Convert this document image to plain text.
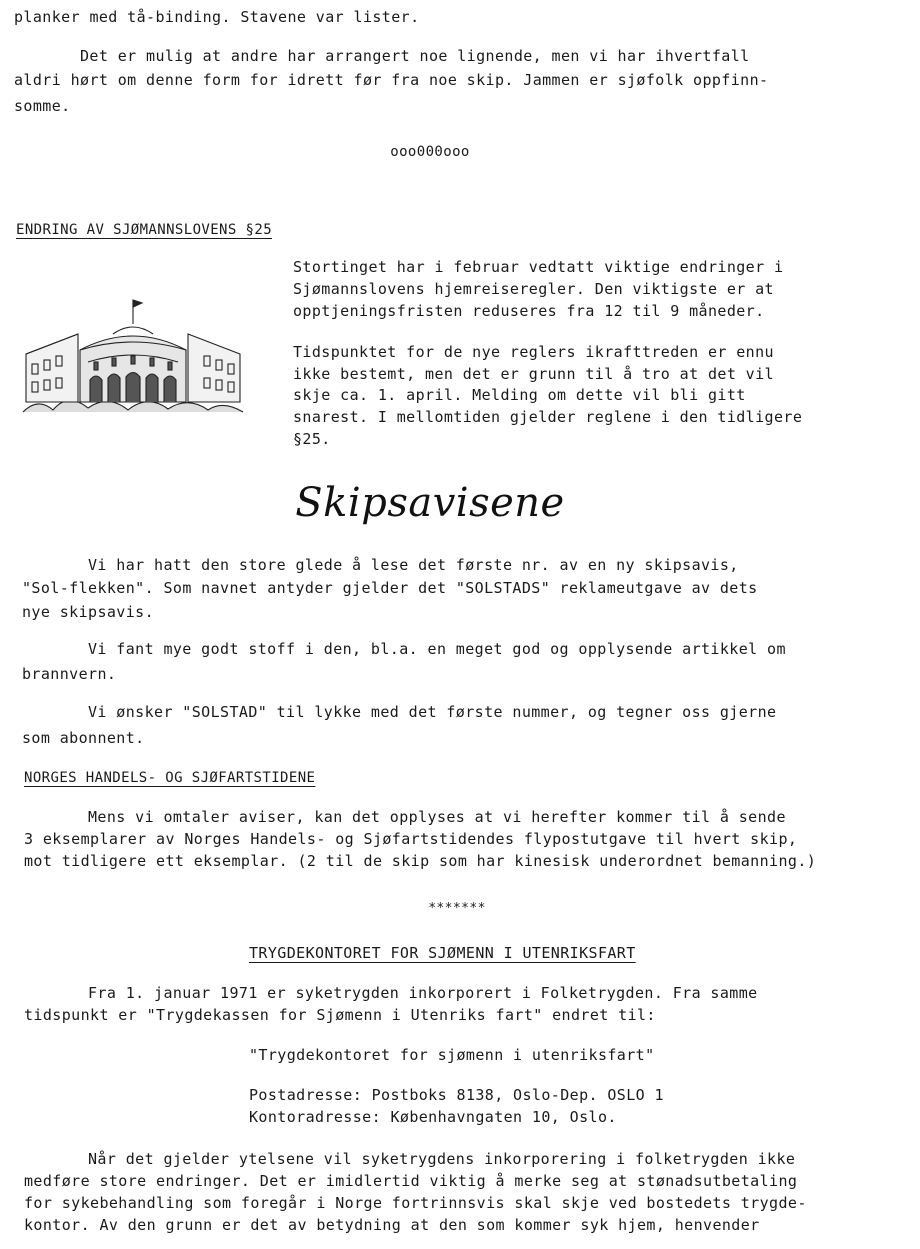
planker med tå-binding. Stavene var lister.
Det er mulig at andre har arrangert noe lignende, men vi har ihvertfall
aldri hørt om denne form for idrett før fra noe skip. Jammen er sjøfolk oppfinn-
somme.
ooo000ooo
ENDRING AV SJØMANNSLOVENS §25
Stortinget har i februar vedtatt viktige endringer i
Sjømannslovens hjemreiseregler. Den viktigste er at
opptjeningsfristen reduseres fra 12 til 9 måneder.
Tidspunktet for de nye reglers ikrafttreden er ennu
ikke bestemt, men det er grunn til å tro at det vil
skje ca. 1. april. Melding om dette vil bli gitt
snarest. I mellomtiden gjelder reglene i den tidligere
§25.
Skipsavisene
Vi har hatt den store glede å lese det første nr. av en ny skipsavis,
"Sol-flekken". Som navnet antyder gjelder det "SOLSTADS" reklameutgave av dets
nye skipsavis.
Vi fant mye godt stoff i den, bl.a. en meget god og opplysende artikkel om
brannvern.
Vi ønsker "SOLSTAD" til lykke med det første nummer, og tegner oss gjerne
som abonnent.
NORGES HANDELS- OG SJØFARTSTIDENE
Mens vi omtaler aviser, kan det opplyses at vi herefter kommer til å sende
3 eksemplarer av Norges Handels- og Sjøfartstidendes flypostutgave til hvert skip,
mot tidligere ett eksemplar. (2 til de skip som har kinesisk underordnet bemanning.)
*******
TRYGDEKONTORET FOR SJØMENN I UTENRIKSFART
Fra 1. januar 1971 er syketrygden inkorporert i Folketrygden. Fra samme
tidspunkt er "Trygdekassen for Sjømenn i Utenriks fart" endret til:
"Trygdekontoret for sjømenn i utenriksfart"
Postadresse: Postboks 8138, Oslo-Dep. OSLO 1
Kontoradresse: Københavngaten 10, Oslo.
Når det gjelder ytelsene vil syketrygdens inkorporering i folketrygden ikke
medføre store endringer. Det er imidlertid viktig å merke seg at stønadsutbetaling
for sykebehandling som foregår i Norge fortrinnsvis skal skje ved bostedets trygde-
kontor. Av den grunn er det av betydning at den som kommer syk hjem, henvender
